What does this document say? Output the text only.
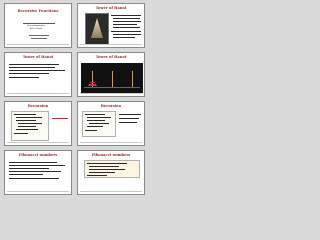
Recursive Functions
General programming
Rules of thumb
Tower of Hanoi
Tower of Hanoi	Tower of Hanoi
Recursion	Recursion
Fibonacci numbers	Fibonacci numbers
